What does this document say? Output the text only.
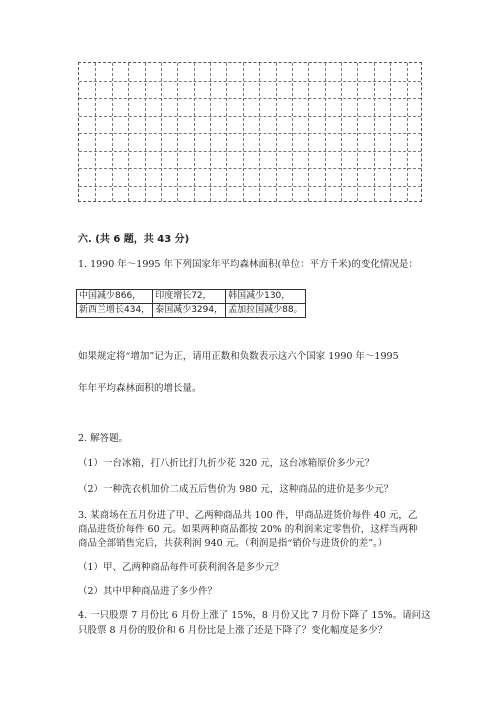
六. (共 6 题，共 43 分)
1. 1990 年～1995 年下列国家年平均森林面积(单位：平方千米)的变化情况是：
中国减少866，	印度增长72，	韩国减少130，
新西兰增长434，	泰国减少3294，	孟加拉国减少88。
如果规定将“增加”记为正，请用正数和负数表示这六个国家 1990 年～1995
年年平均森林面积的增长量。
2. 解答题。
（1）一台冰箱，打八折比打九折少花 320 元，这台冰箱原价多少元？
（2）一种洗衣机加价二成五后售价为 980 元，这种商品的进价是多少元？
3. 某商场在五月份进了甲、乙两种商品共 100 件，甲商品进货价每件 40 元，乙
商品进货价每件 60 元。如果两种商品都按 20% 的利润来定零售价，这样当两种
商品全部销售完后，共获利润 940 元。（利润是指“销价与进货价的差”。）
（1）甲、乙两种商品每件可获利润各是多少元？
（2）其中甲种商品进了多少件？
4. 一只股票 7 月份比 6 月份上涨了 15%，8 月份又比 7 月份下降了 15%。请问这
只股票 8 月份的股价和 6 月份比是上涨了还是下降了？变化幅度是多少？
